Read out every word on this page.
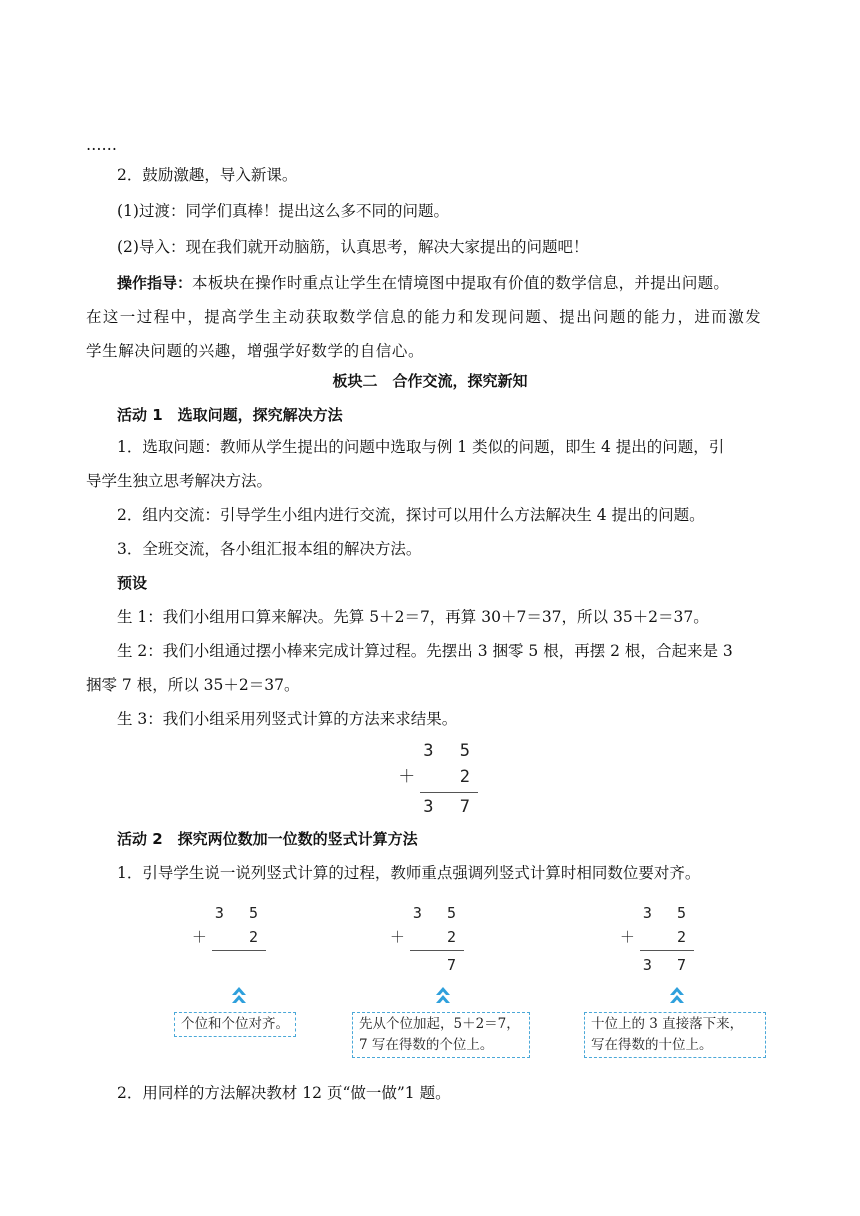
……

2．鼓励激趣，导入新课。

(1)过渡：同学们真棒！提出这么多不同的问题。

(2)导入：现在我们就开动脑筋，认真思考，解决大家提出的问题吧！

操作指导：本板块在操作时重点让学生在情境图中提取有价值的数学信息，并提出问题。

在这一过程中，提高学生主动获取数学信息的能力和发现问题、提出问题的能力，进而激发

学生解决问题的兴趣，增强学好数学的自信心。

板块二　合作交流，探究新知

活动 1　选取问题，探究解决方法

1．选取问题：教师从学生提出的问题中选取与例 1 类似的问题，即生 4 提出的问题，引

导学生独立思考解决方法。

2．组内交流：引导学生小组内进行交流，探讨可以用什么方法解决生 4 提出的问题。

3．全班交流，各小组汇报本组的解决方法。

预设

生 1：我们小组用口算来解决。先算 5＋2＝7，再算 30＋7＝37，所以 35＋2＝37。

生 2：我们小组通过摆小棒来完成计算过程。先摆出 3 捆零 5 根，再摆 2 根，合起来是 3

捆零 7 根，所以 35＋2＝37。

生 3：我们小组采用列竖式计算的方法来求结果。

3 5
＋  2
3 7

活动 2　探究两位数加一位数的竖式计算方法

1．引导学生说一说列竖式计算的过程，教师重点强调列竖式计算时相同数位要对齐。

3 5
＋  2
个位和个位对齐。
3 5
＋  2
7
先从个位加起，5＋2＝7，
7 写在得数的个位上。
3 5
＋  2
3 7
十位上的 3 直接落下来，
写在得数的十位上。

2．用同样的方法解决教材 12 页“做一做”1 题。
